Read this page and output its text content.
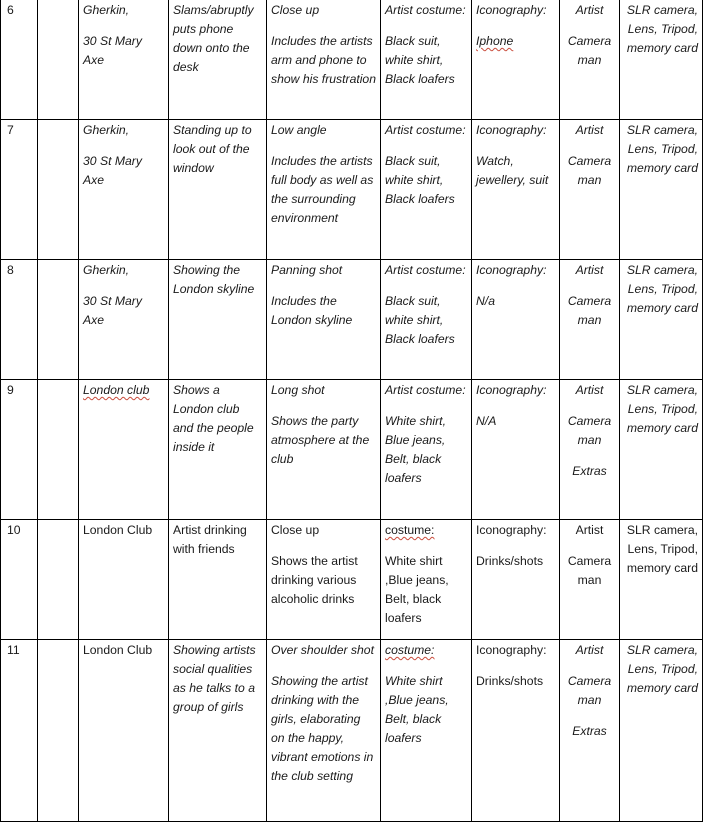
6		Gherkin,
30 St Mary Axe	Slams/abruptly puts phone down onto the desk	Close up
Includes the artists arm and phone to show his frustration	Artist costume:
Black suit, white shirt, Black loafers	Iconography:
Iphone	Artist
Camera man	SLR camera, Lens, Tripod, memory card

7		Gherkin,
30 St Mary Axe	Standing up to look out of the window	Low angle
Includes the artists full body as well as the surrounding environment	Artist costume:
Black suit, white shirt, Black loafers	Iconography:
Watch, jewellery, suit	Artist
Camera man	SLR camera, Lens, Tripod, memory card

8		Gherkin,
30 St Mary Axe	Showing the London skyline	Panning shot
Includes the London skyline	Artist costume:
Black suit, white shirt, Black loafers	Iconography:
N/a	Artist
Camera man	SLR camera, Lens, Tripod, memory card

9		London club	Shows a London club and the people inside it	Long shot
Shows the party atmosphere at the club	Artist costume:
White shirt, Blue jeans, Belt, black loafers	Iconography:
N/A	Artist
Camera man
Extras	SLR camera, Lens, Tripod, memory card

10		London Club	Artist drinking with friends	Close up
Shows the artist drinking various alcoholic drinks	costume:
White shirt ,Blue jeans, Belt, black loafers	Iconography:
Drinks/shots	Artist
Camera man	SLR camera, Lens, Tripod, memory card

11		London Club	Showing artists social qualities as he talks to a group of girls	Over shoulder shot
Showing the artist drinking with the girls, elaborating on the happy, vibrant emotions in the club setting	costume:
White shirt ,Blue jeans, Belt, black loafers	Iconography:
Drinks/shots	Artist
Camera man
Extras	SLR camera, Lens, Tripod, memory card
